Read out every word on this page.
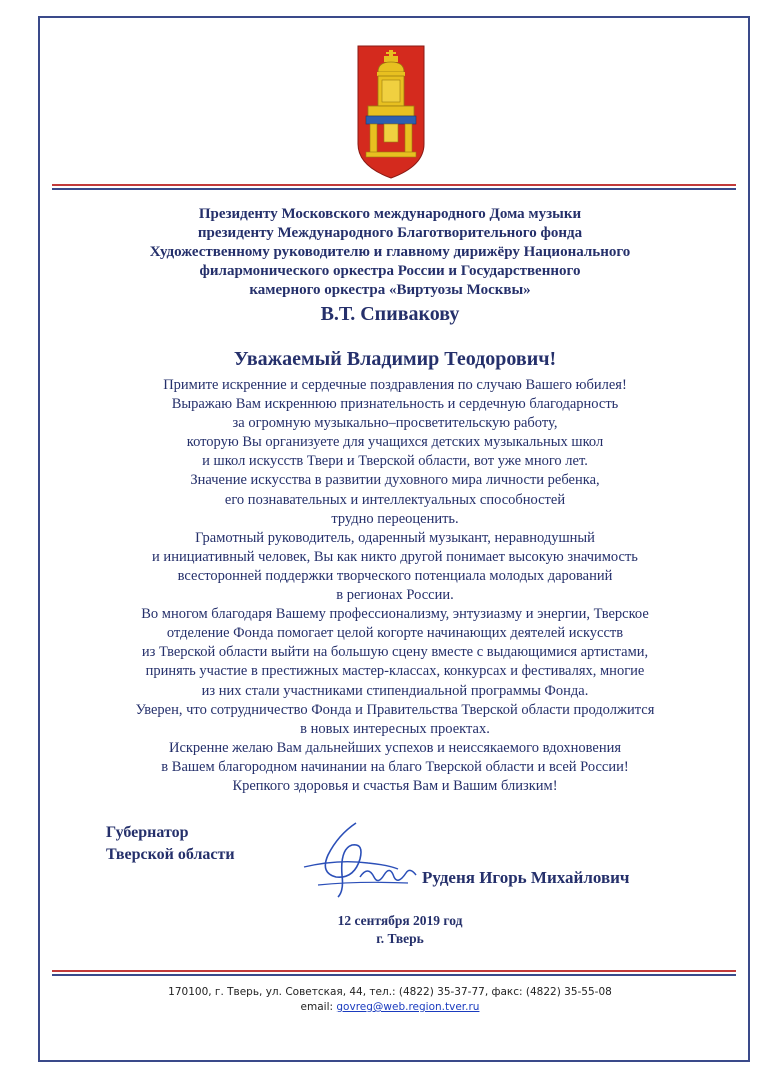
Президенту Московского международного Дома музыки
президенту Международного Благотворительного фонда
Художественному руководителю и главному дирижёру Национального
филармонического оркестра России и Государственного
камерного оркестра «Виртуозы Москвы»
В.Т. Спивакову
Уважаемый Владимир Теодорович!
Примите искренние и сердечные поздравления по случаю Вашего юбилея!
Выражаю Вам искреннюю признательность и сердечную благодарность
за огромную музыкально–просветительскую работу,
которую Вы организуете для учащихся детских музыкальных школ
и школ искусств Твери и Тверской области, вот уже много лет.
Значение искусства в развитии духовного мира личности ребенка,
его познавательных и интеллектуальных способностей
трудно переоценить.
Грамотный руководитель, одаренный музыкант, неравнодушный
и инициативный человек, Вы как никто другой понимает высокую значимость
всесторонней поддержки творческого потенциала молодых дарований
в регионах России.
Во многом благодаря Вашему профессионализму, энтузиазму и энергии, Тверское
отделение Фонда помогает целой когорте начинающих деятелей искусств
из Тверской области выйти на большую сцену вместе с выдающимися артистами,
принять участие в престижных мастер-классах, конкурсах и фестивалях, многие
из них стали участниками стипендиальной программы Фонда.
Уверен, что сотрудничество Фонда и Правительства Тверской области продолжится
в новых интересных проектах.
Искренне желаю Вам дальнейших успехов и неиссякаемого вдохновения
в Вашем благородном начинании на благо Тверской области и всей России!
Крепкого здоровья и счастья Вам и Вашим близким!
Губернатор
Тверской области
Руденя Игорь Михайлович
12 сентября 2019 год
г. Тверь
170100, г. Тверь, ул. Советская, 44, тел.: (4822) 35-37-77, факс: (4822) 35-55-08
email: govreg@web.region.tver.ru
